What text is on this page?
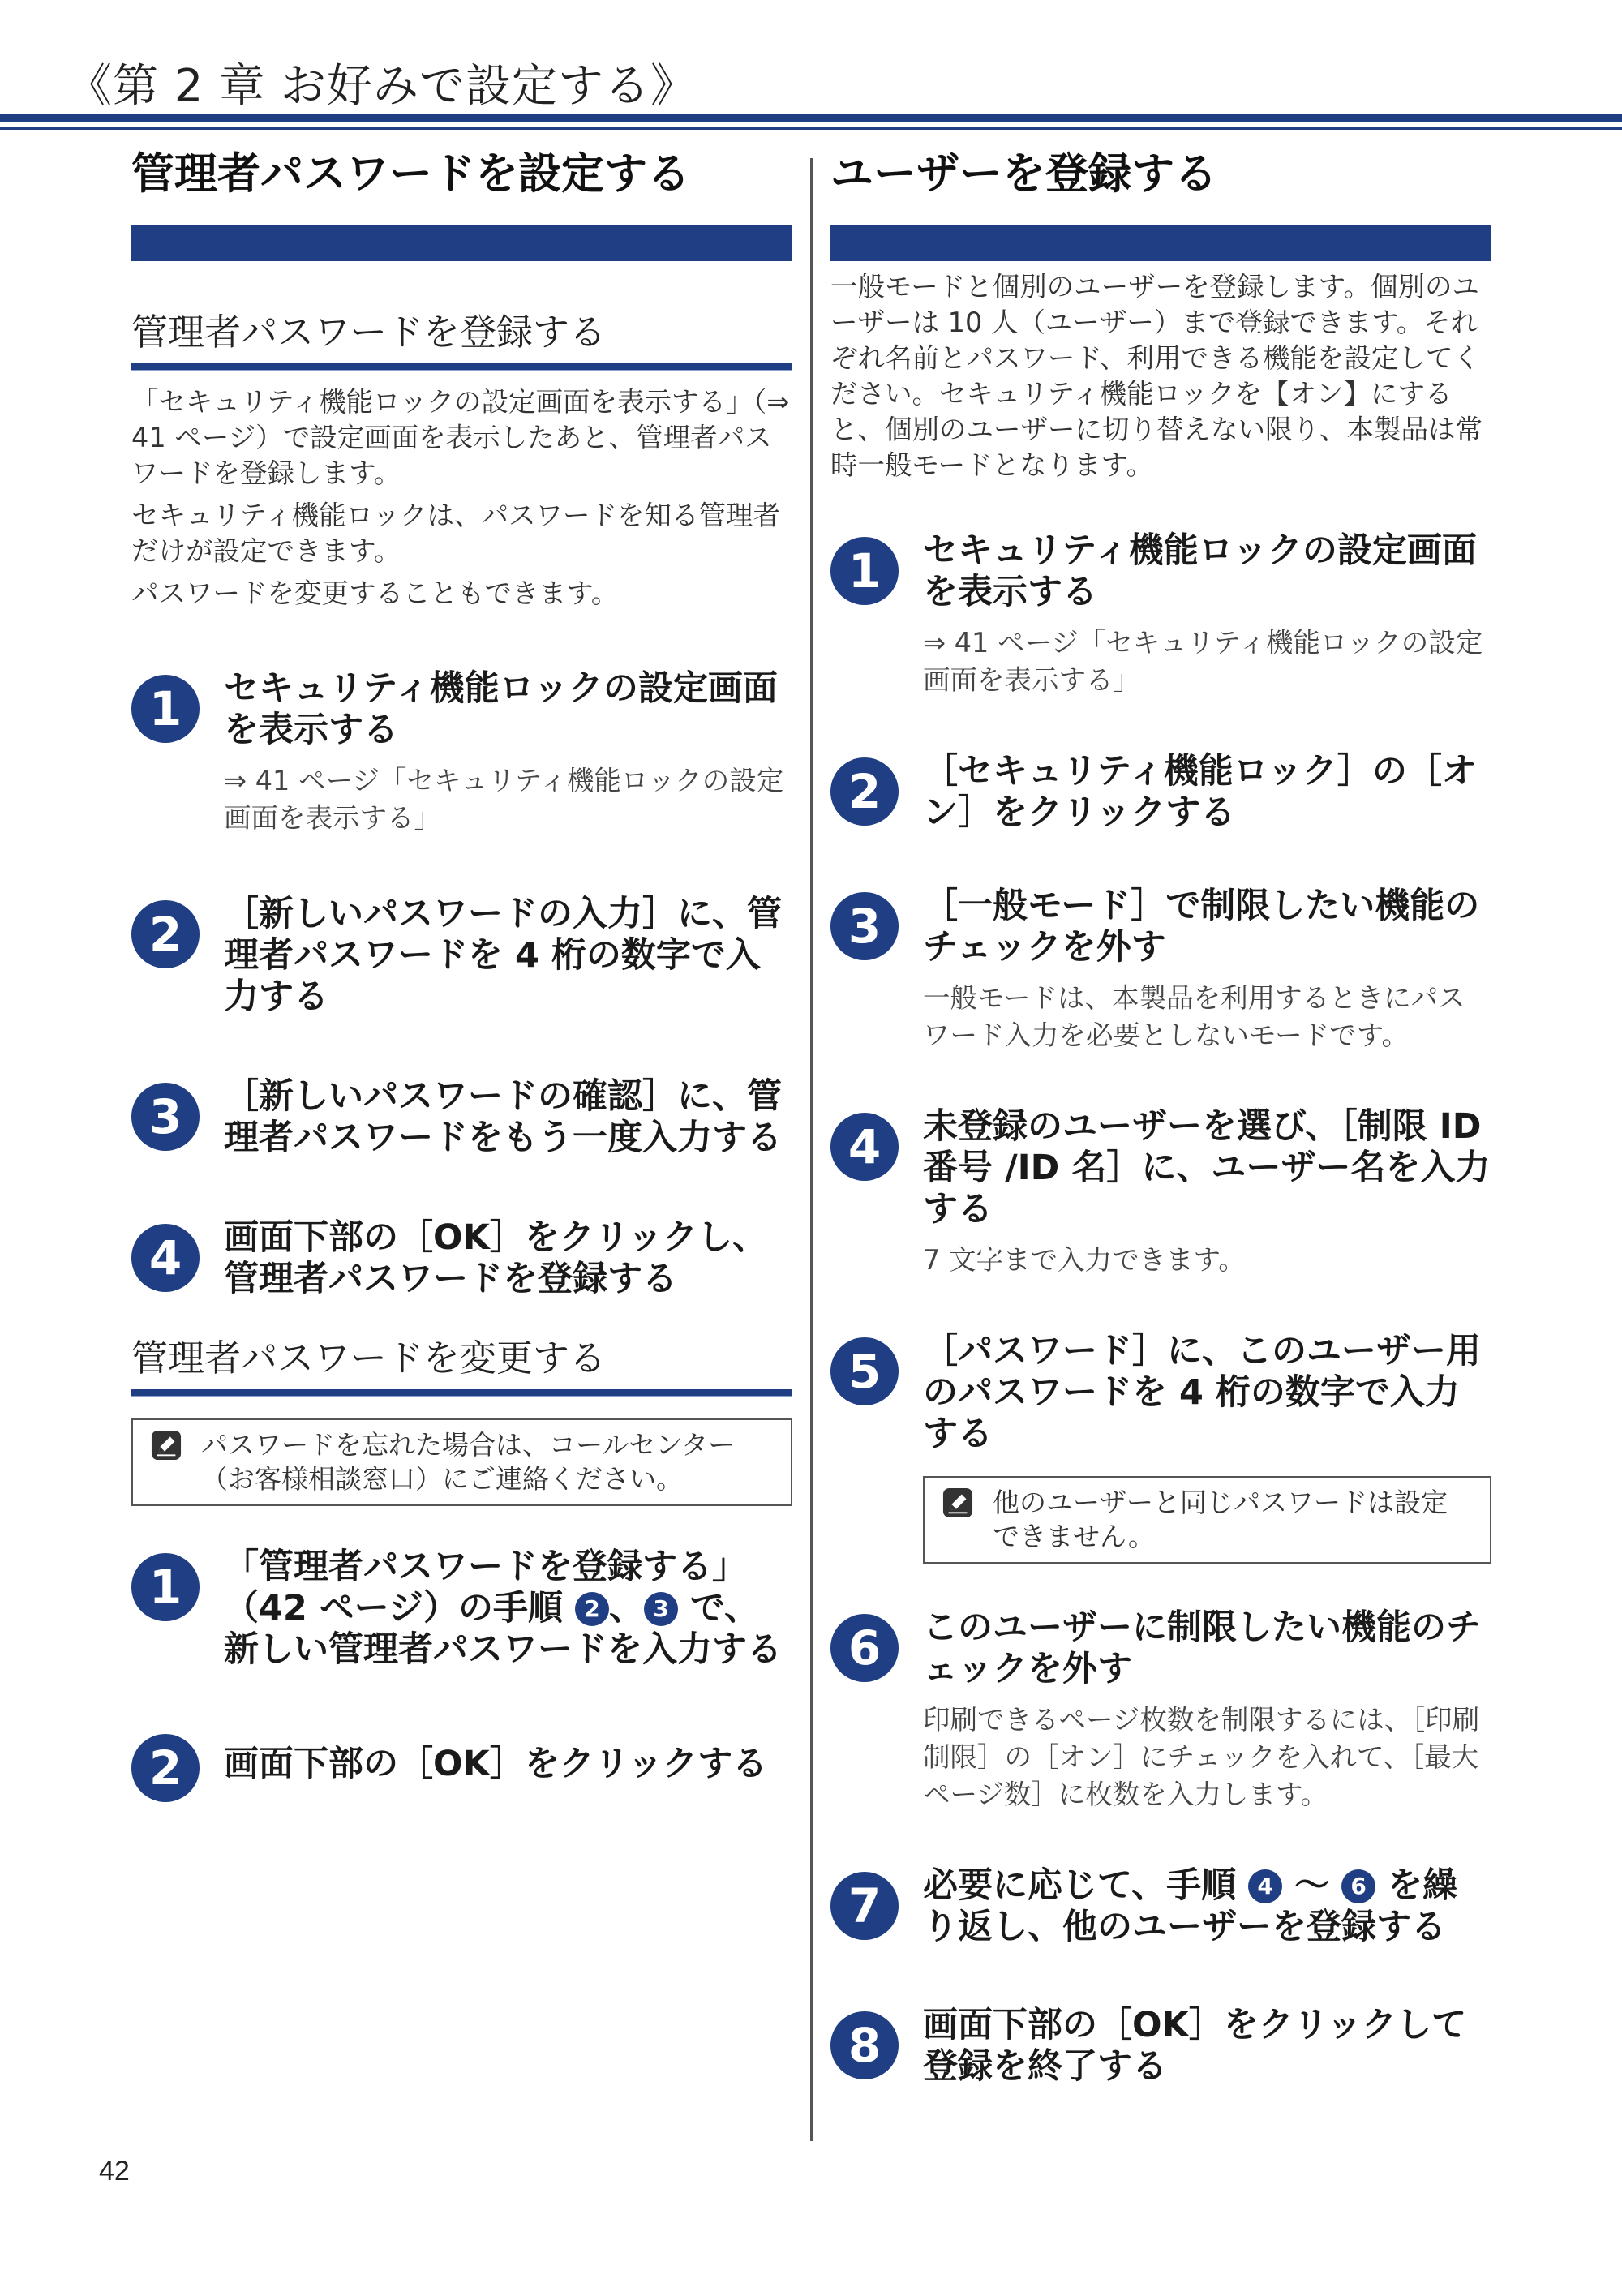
《第 2 章 お好みで設定する》
管理者パスワードを設定する
管理者パスワードを登録する

「セキュリティ機能ロックの設定画面を表示する」（⇒ 41 ページ）で設定画面を表示したあと、管理者パスワードを登録します。

セキュリティ機能ロックは、パスワードを知る管理者だけが設定できます。

パスワードを変更することもできます。

1	セキュリティ機能ロックの設定画面を表示する
⇒ 41 ページ「セキュリティ機能ロックの設定画面を表示する」
2	［新しいパスワードの入力］に、管理者パスワードを 4 桁の数字で入力する
3	［新しいパスワードの確認］に、管理者パスワードをもう一度入力する
4	画面下部の［OK］をクリックし、管理者パスワードを登録する
管理者パスワードを変更する
パスワードを忘れた場合は、コールセンター（お客様相談窓口）にご連絡ください。
1	「管理者パスワードを登録する」（42 ページ）の手順 2 、 3 で、新しい管理者パスワードを入力する
2	画面下部の［OK］をクリックする
ユーザーを登録する

一般モードと個別のユーザーを登録します。個別のユーザーは 10 人（ユーザー）まで登録できます。それぞれ名前とパスワード、利用できる機能を設定してください。セキュリティ機能ロックを【オン】にすると、個別のユーザーに切り替えない限り、本製品は常時一般モードとなります。

1	セキュリティ機能ロックの設定画面を表示する
⇒ 41 ページ「セキュリティ機能ロックの設定画面を表示する」
2	［セキュリティ機能ロック］の［オン］をクリックする
3	［一般モード］で制限したい機能のチェックを外す
一般モードは、本製品を利用するときにパスワード入力を必要としないモードです。
4	未登録のユーザーを選び、［制限 ID 番号 /ID 名］に、ユーザー名を入力する
7 文字まで入力できます。
5	［パスワード］に、このユーザー用のパスワードを 4 桁の数字で入力する
他のユーザーと同じパスワードは設定できません。
6	このユーザーに制限したい機能のチェックを外す
印刷できるページ枚数を制限するには、［印刷制限］の［オン］にチェックを入れて、［最大ページ数］に枚数を入力します。
7	必要に応じて、手順 4 〜 6 を繰り返し、他のユーザーを登録する
8	画面下部の［OK］をクリックして登録を終了する
42
